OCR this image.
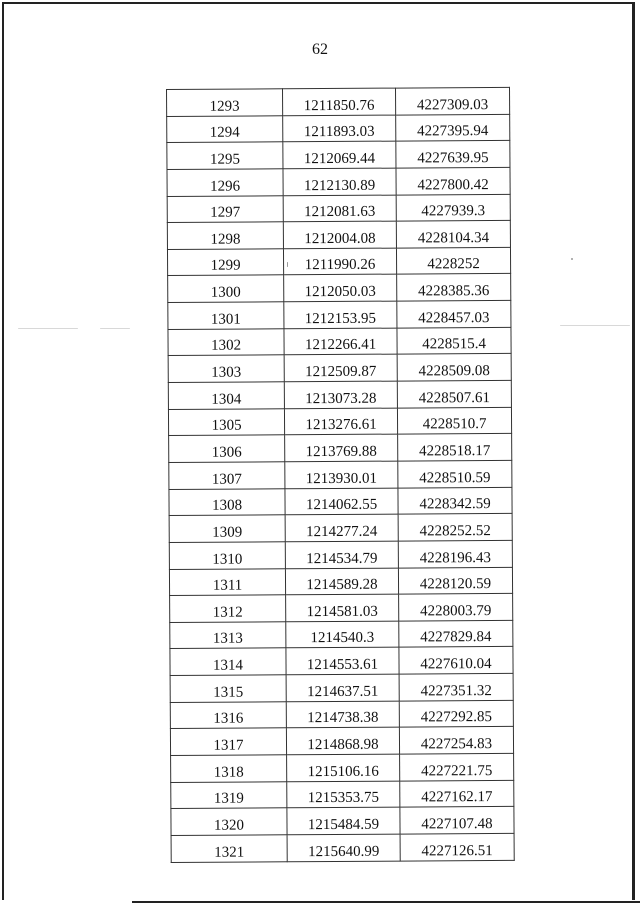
62
1293	1211850.76	4227309.03
1294	1211893.03	4227395.94
1295	1212069.44	4227639.95
1296	1212130.89	4227800.42
1297	1212081.63	4227939.3
1298	1212004.08	4228104.34
1299	1211990.26	4228252
1300	1212050.03	4228385.36
1301	1212153.95	4228457.03
1302	1212266.41	4228515.4
1303	1212509.87	4228509.08
1304	1213073.28	4228507.61
1305	1213276.61	4228510.7
1306	1213769.88	4228518.17
1307	1213930.01	4228510.59
1308	1214062.55	4228342.59
1309	1214277.24	4228252.52
1310	1214534.79	4228196.43
1311	1214589.28	4228120.59
1312	1214581.03	4228003.79
1313	1214540.3	4227829.84
1314	1214553.61	4227610.04
1315	1214637.51	4227351.32
1316	1214738.38	4227292.85
1317	1214868.98	4227254.83
1318	1215106.16	4227221.75
1319	1215353.75	4227162.17
1320	1215484.59	4227107.48
1321	1215640.99	4227126.51
